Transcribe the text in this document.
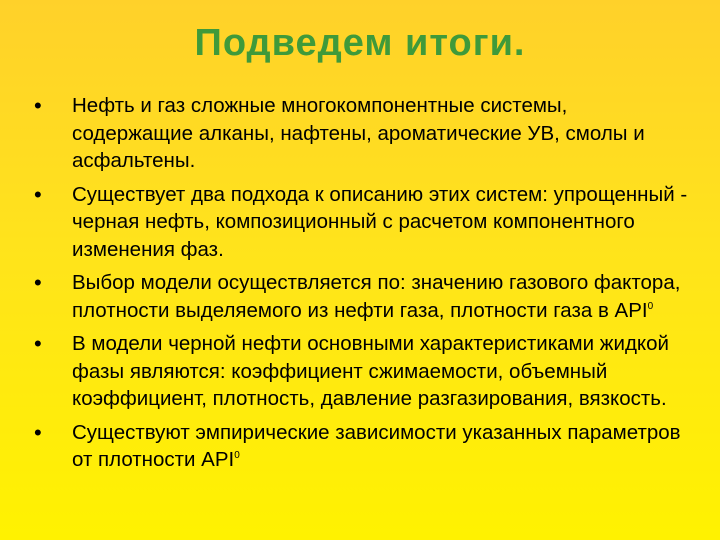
Подведем итоги.
• Нефть и газ сложные многокомпонентные системы, содержащие алканы, нафтены, ароматические УВ, смолы и асфальтены.
• Существует два подхода к описанию этих систем: упрощенный - черная нефть, композиционный с расчетом компонентного изменения фаз.
• Выбор модели осуществляется по: значению газового фактора, плотности выделяемого из нефти газа, плотности газа в API$^0$
• В модели черной нефти основными характеристиками жидкой фазы являются: коэффициент сжимаемости, объемный коэффициент, плотность, давление разгазирования, вязкость.
• Существуют эмпирические зависимости указанных параметров от плотности API$^0$
